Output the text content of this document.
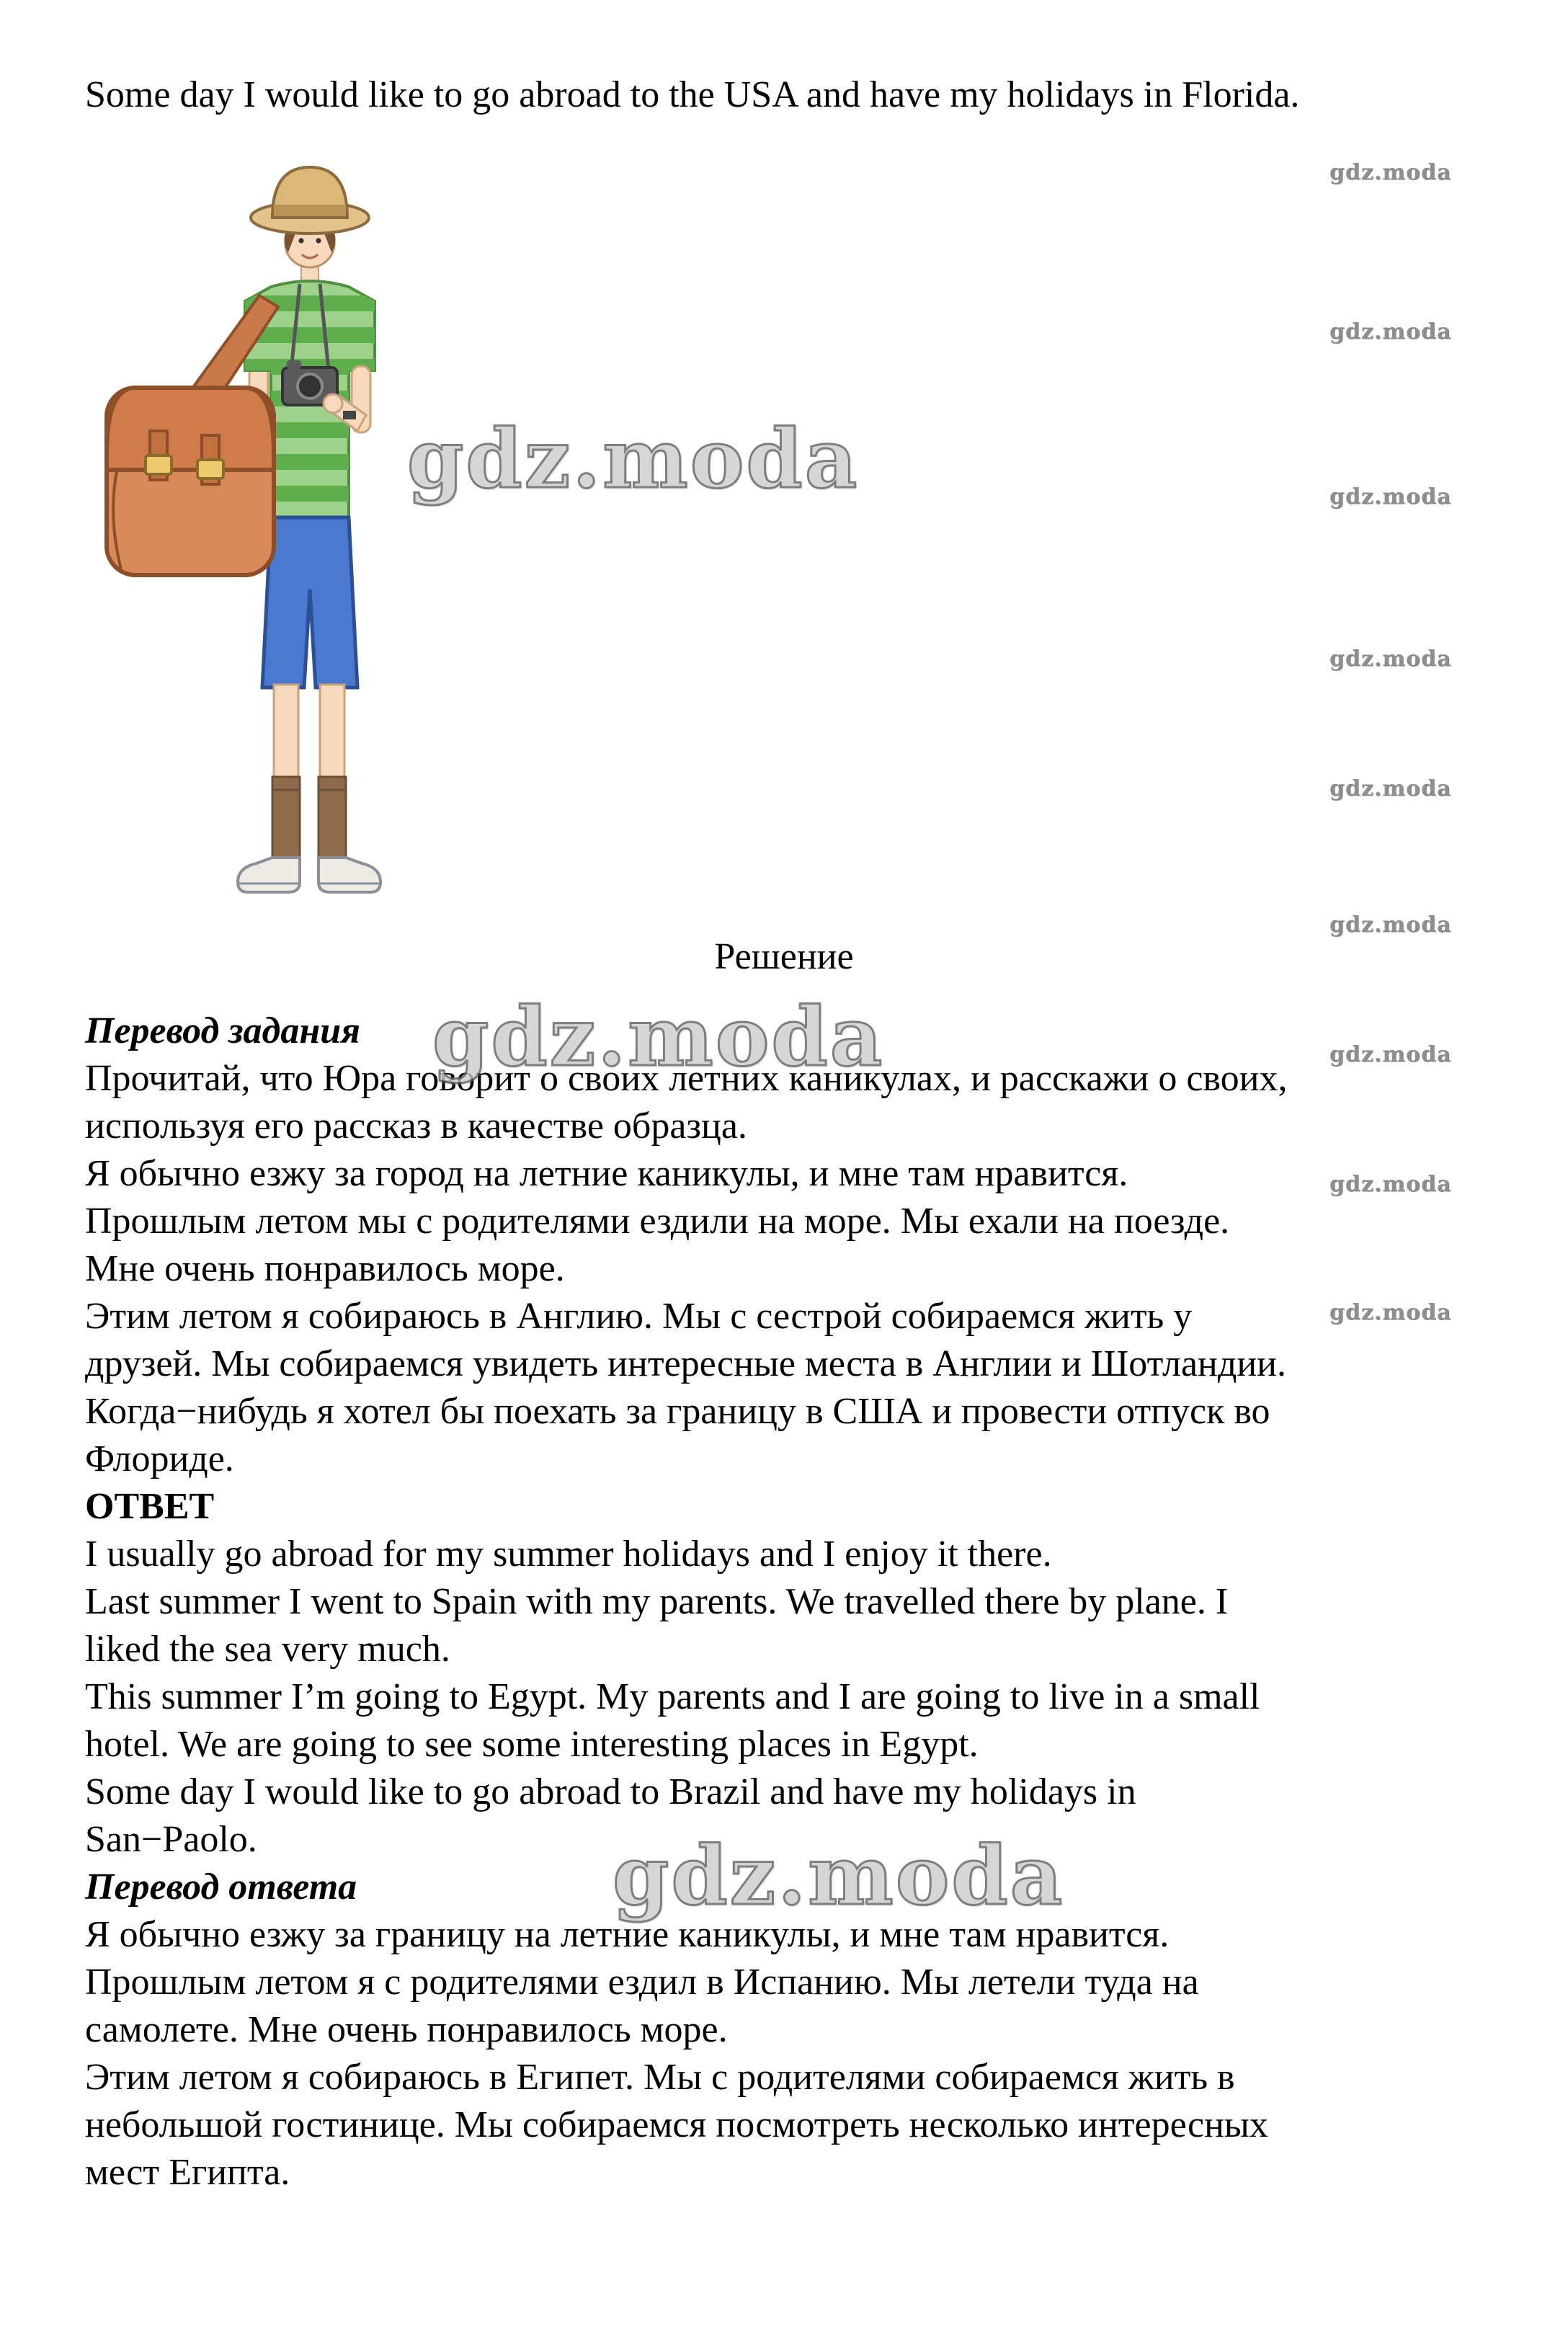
Some day I would like to go abroad to the USA and have my holidays in Florida.

gdz.moda
gdz.moda
gdz.moda
gdz.moda
gdz.moda
gdz.moda
gdz.moda
gdz.moda
gdz.moda
gdz.moda
gdz.moda
gdz.moda
Решение
Перевод задания
Прочитай, что Юра говорит о своих летних каникулах, и расскажи о своих,
используя его рассказ в качестве образца.
Я обычно езжу за город на летние каникулы, и мне там нравится.
Прошлым летом мы с родителями ездили на море. Мы ехали на поезде.
Мне очень понравилось море.
Этим летом я собираюсь в Англию. Мы с сестрой собираемся жить у
друзей. Мы собираемся увидеть интересные места в Англии и Шотландии.
Когда−нибудь я хотел бы поехать за границу в США и провести отпуск во
Флориде.
ОТВЕТ
I usually go abroad for my summer holidays and I enjoy it there.
Last summer I went to Spain with my parents. We travelled there by plane. I
liked the sea very much.
This summer I’m going to Egypt. My parents and I are going to live in a small
hotel. We are going to see some interesting places in Egypt.
Some day I would like to go abroad to Brazil and have my holidays in
San−Paolo.
Перевод ответа
Я обычно езжу за границу на летние каникулы, и мне там нравится.
Прошлым летом я с родителями ездил в Испанию. Мы летели туда на
самолете. Мне очень понравилось море.
Этим летом я собираюсь в Египет. Мы с родителями собираемся жить в
небольшой гостинице. Мы собираемся посмотреть несколько интересных
мест Египта.
